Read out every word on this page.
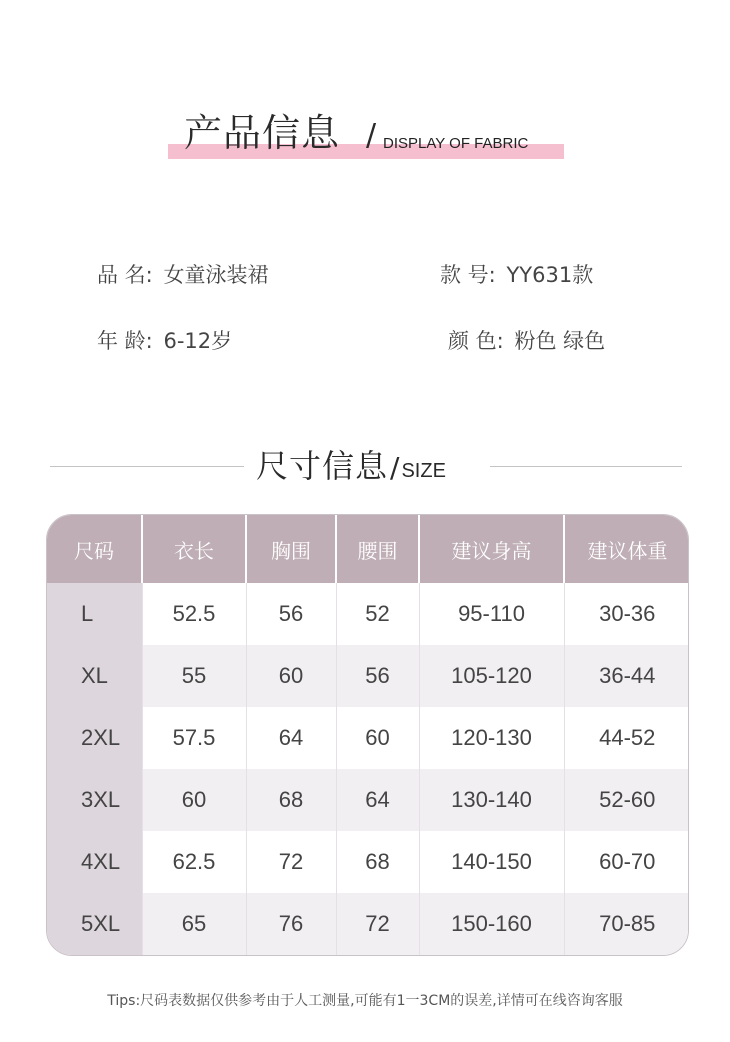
产品信息 / DISPLAY OF FABRIC
品 名: 女童泳装裙	款 号: YY631款
年 龄: 6-12岁	颜 色: 粉色 绿色
尺寸信息/ SIZE
尺码	衣长	胸围	腰围	建议身高	建议体重
L	52.5	56	52	95-110	30-36
XL	55	60	56	105-120	36-44
2XL	57.5	64	60	120-130	44-52
3XL	60	68	64	130-140	52-60
4XL	62.5	72	68	140-150	60-70
5XL	65	76	72	150-160	70-85
Tips:尺码表数据仅供参考由于人工测量,可能有1一3CM的误差,详情可在线咨询客服
